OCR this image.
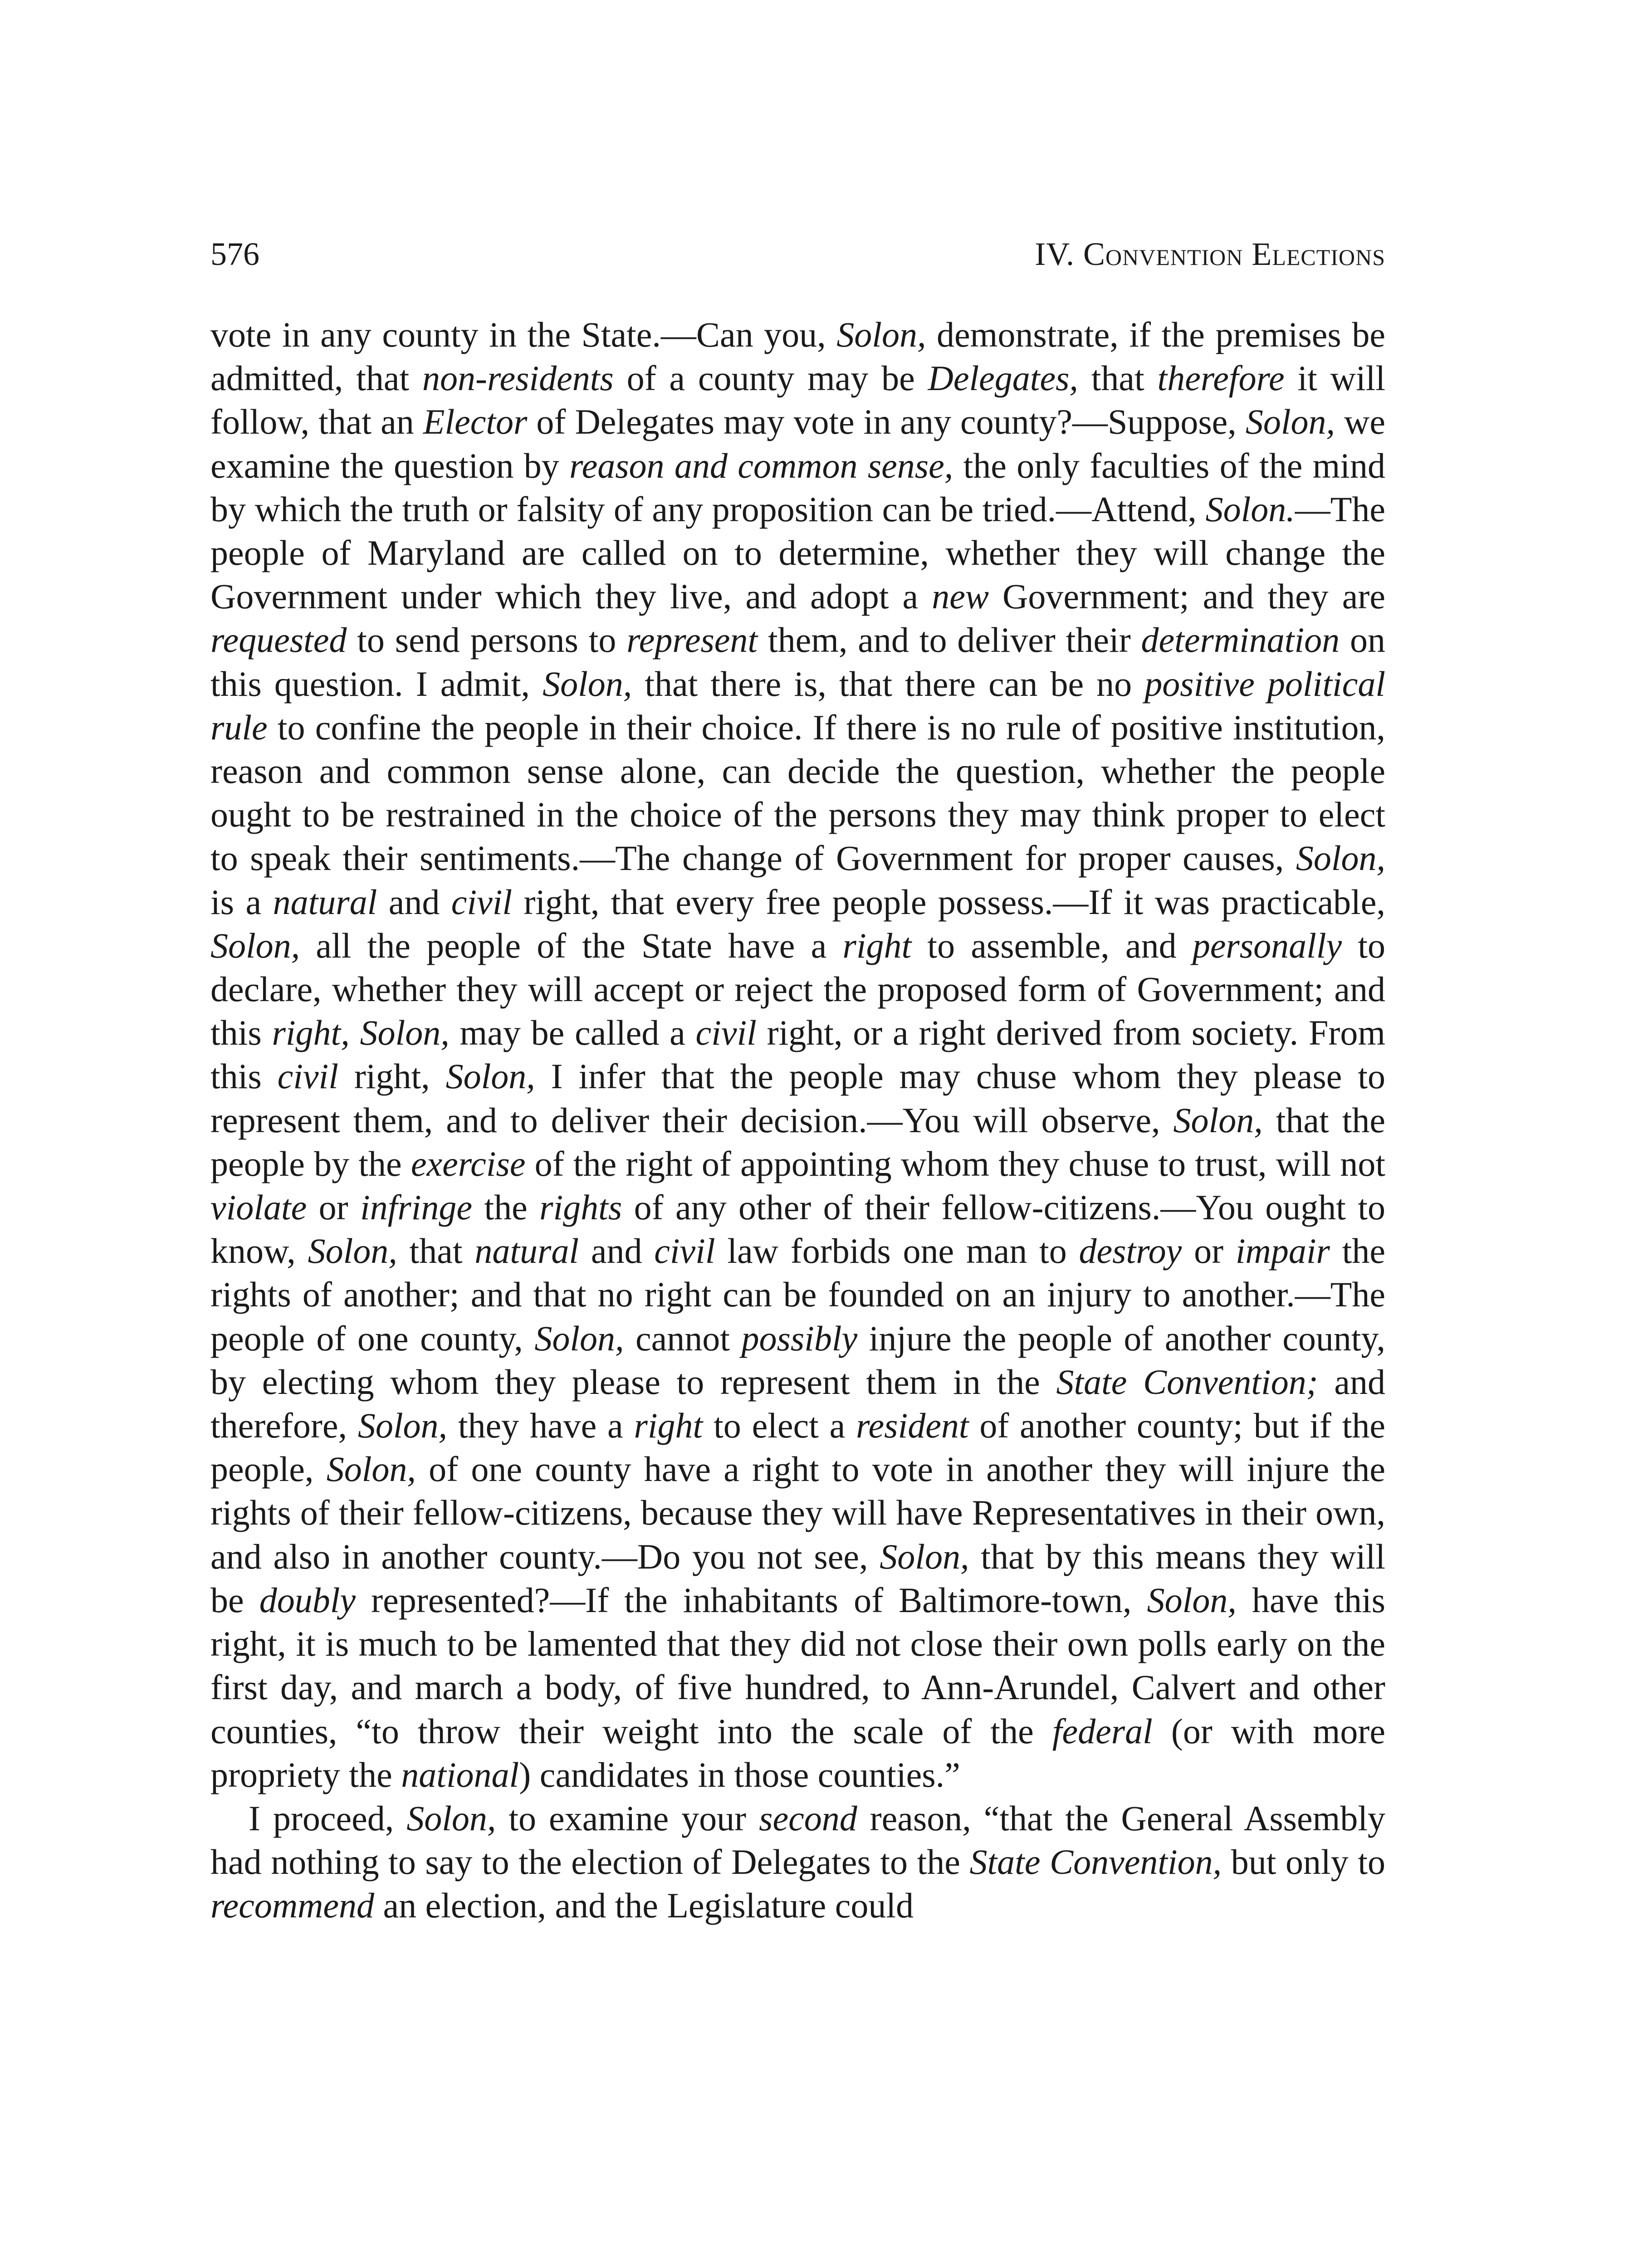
576	IV. Convention Elections

vote in any county in the State.—Can you, Solon, demonstrate, if the premises be admitted, that non-residents of a county may be Delegates, that therefore it will follow, that an Elector of Delegates may vote in any county?—Suppose, Solon, we examine the question by reason and common sense, the only faculties of the mind by which the truth or falsity of any proposition can be tried.—Attend, Solon.—The people of Maryland are called on to determine, whether they will change the Government under which they live, and adopt a new Government; and they are requested to send persons to represent them, and to deliver their determination on this question. I admit, Solon, that there is, that there can be no positive political rule to confine the people in their choice. If there is no rule of positive institution, reason and common sense alone, can decide the question, whether the people ought to be restrained in the choice of the persons they may think proper to elect to speak their sentiments.—The change of Government for proper causes, Solon, is a natural and civil right, that every free people possess.—If it was practicable, Solon, all the people of the State have a right to assemble, and personally to declare, whether they will accept or reject the proposed form of Government; and this right, Solon, may be called a civil right, or a right derived from society. From this civil right, Solon, I infer that the people may chuse whom they please to represent them, and to deliver their decision.—You will observe, Solon, that the people by the exercise of the right of appointing whom they chuse to trust, will not violate or infringe the rights of any other of their fellow-citizens.—You ought to know, Solon, that natural and civil law forbids one man to destroy or impair the rights of another; and that no right can be founded on an injury to another.—The people of one county, Solon, cannot possibly injure the people of another county, by electing whom they please to represent them in the State Convention; and therefore, Solon, they have a right to elect a resident of another county; but if the people, Solon, of one county have a right to vote in another they will injure the rights of their fellow-citizens, because they will have Representatives in their own, and also in another county.—Do you not see, Solon, that by this means they will be doubly represented?—If the inhabitants of Baltimore-town, Solon, have this right, it is much to be lamented that they did not close their own polls early on the first day, and march a body, of five hundred, to Ann-Arundel, Calvert and other counties, “to throw their weight into the scale of the federal (or with more propriety the national) candidates in those counties.”

I proceed, Solon, to examine your second reason, “that the General Assembly had nothing to say to the election of Delegates to the State Convention, but only to recommend an election, and the Legislature could
